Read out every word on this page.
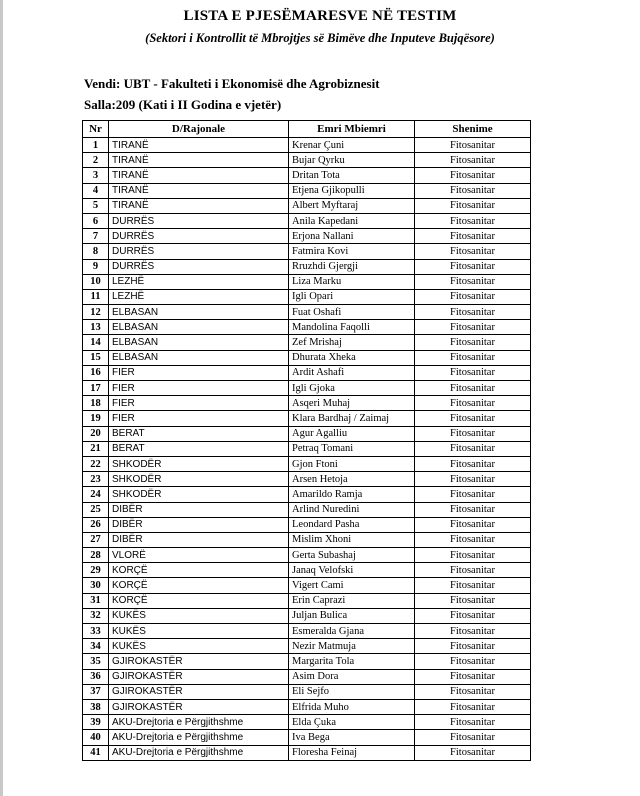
LISTA E PJESËMARESVE NË TESTIM
(Sektori i Kontrollit të Mbrojtjes së Bimëve dhe Inputeve Bujqësore)
Vendi: UBT - Fakulteti i Ekonomisë dhe Agrobiznesit
Salla:209 (Kati i II Godina e vjetër)
Nr	D/Rajonale	Emri Mbiemri	Shenime
1	TIRANË	Krenar Çuni	Fitosanitar
2	TIRANË	Bujar Qyrku	Fitosanitar
3	TIRANË	Dritan Tota	Fitosanitar
4	TIRANË	Etjena Gjikopulli	Fitosanitar
5	TIRANË	Albert Myftaraj	Fitosanitar
6	DURRËS	Anila Kapedani	Fitosanitar
7	DURRËS	Erjona Nallani	Fitosanitar
8	DURRËS	Fatmira Kovi	Fitosanitar
9	DURRËS	Rruzhdi Gjergji	Fitosanitar
10	LEZHË	Liza Marku	Fitosanitar
11	LEZHË	Igli Opari	Fitosanitar
12	ELBASAN	Fuat Oshafi	Fitosanitar
13	ELBASAN	Mandolina Faqolli	Fitosanitar
14	ELBASAN	Zef Mrishaj	Fitosanitar
15	ELBASAN	Dhurata Xheka	Fitosanitar
16	FIER	Ardit Ashafi	Fitosanitar
17	FIER	Igli Gjoka	Fitosanitar
18	FIER	Asqeri Muhaj	Fitosanitar
19	FIER	Klara Bardhaj / Zaimaj	Fitosanitar
20	BERAT	Agur Agalliu	Fitosanitar
21	BERAT	Petraq Tomani	Fitosanitar
22	SHKODËR	Gjon Ftoni	Fitosanitar
23	SHKODËR	Arsen Hetoja	Fitosanitar
24	SHKODËR	Amarildo Ramja	Fitosanitar
25	DIBËR	Arlind Nuredini	Fitosanitar
26	DIBËR	Leondard Pasha	Fitosanitar
27	DIBËR	Mislim Xhoni	Fitosanitar
28	VLORË	Gerta Subashaj	Fitosanitar
29	KORÇË	Janaq Velofski	Fitosanitar
30	KORÇË	Vigert Cami	Fitosanitar
31	KORÇË	Erin Caprazi	Fitosanitar
32	KUKËS	Juljan Bulica	Fitosanitar
33	KUKËS	Esmeralda Gjana	Fitosanitar
34	KUKËS	Nezir Matmuja	Fitosanitar
35	GJIROKASTËR	Margarita Tola	Fitosanitar
36	GJIROKASTËR	Asim Dora	Fitosanitar
37	GJIROKASTËR	Eli Sejfo	Fitosanitar
38	GJIROKASTËR	Elfrida Muho	Fitosanitar
39	AKU-Drejtoria e Përgjithshme	Elda Çuka	Fitosanitar
40	AKU-Drejtoria e Përgjithshme	Iva Bega	Fitosanitar
41	AKU-Drejtoria e Përgjithshme	Floresha Feinaj	Fitosanitar
